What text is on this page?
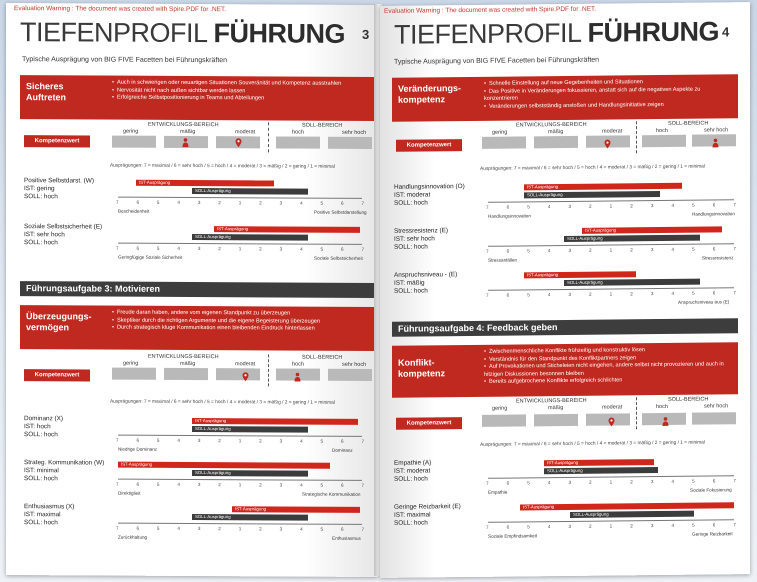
Evaluation Warning : The document was created with Spire.PDF for .NET.
TIEFENPROFIL FÜHRUNG 3
Typische Ausprägung von BIG FIVE Facetten bei Führungskräften
Sicheres Auftreten
• Auch in schwierigen oder neuartigen Situationen Souveränität und Kompetenz ausstrahlen
• Nervosität nicht nach außen sichtbar werden lassen
• Erfolgreiche Selbstpositionierung in Teams und Abteilungen
ENTWICKLUNGS-BEREICH	SOLL-BEREICH
gering	mäßig	moderat	hoch	sehr hoch
Kompetenzwert
Ausprägungen: 7 = maximal / 6 = sehr hoch / 5 = hoch / 4 = moderat / 3 = mäßig / 2 = gering / 1 = minimal
Positive Selbstdarst. (W)
IST: gering
SOLL: hoch
IST-Ausprägung
SOLL-Ausprägung
7	6	5	4	3	2	1	2	3	4	5	6	7
Bescheidenheit	Positive Selbstdarstellung
Soziale Selbstsicherheit (E)
IST: sehr hoch
SOLL: hoch
IST-Ausprägung
SOLL-Ausprägung
7	6	5	4	3	2	1	2	3	4	5	6	7
Geringfügige Soziale Sicherheit	Soziale Selbstsicherheit
Führungsaufgabe 3: Motivieren
Überzeugungs-vermögen
• Freude daran haben, andere vom eigenen Standpunkt zu überzeugen
• Skeptiker durch die richtigen Argumente und die eigene Begeisterung überzeugen
• Durch strategisch kluge Kommunikation einen bleibenden Eindruck hinterlassen
ENTWICKLUNGS-BEREICH	SOLL-BEREICH
gering	mäßig	moderat	hoch	sehr hoch
Kompetenzwert
Ausprägungen: 7 = maximal / 6 = sehr hoch / 5 = hoch / 4 = moderat / 3 = mäßig / 2 = gering / 1 = minimal
Dominanz (X)
IST: hoch
SOLL: hoch
IST-Ausprägung
SOLL-Ausprägung
7	6	5	4	3	2	1	2	3	4	5	6	7
Niedrige Dominanz	Dominanz
Strateg. Kommunikation (W)
IST: minimal
SOLL: hoch
IST-Ausprägung
SOLL-Ausprägung
7	6	5	4	3	2	1	2	3	4	5	6	7
Direktiglieit	Strategische Kommunikation
Enthusiasmus (X)
IST: maximal
SOLL: hoch
IST-Ausprägung
SOLL-Ausprägung
7	6	5	4	3	2	1	2	3	4	5	6	7
Zurückhaltung	Enthusiasmus
Evaluation Warning : The document was created with Spire.PDF for .NET.
TIEFENPROFIL FÜHRUNG 4
Typische Ausprägung von BIG FIVE Facetten bei Führungskräften
Veränderungs-kompetenz
• Schnelle Einstellung auf neue Gegebenheiten und Situationen
• Das Positive in Veränderungen fokussieren, anstatt sich auf die negativen Aspekte zu konzentrieren
• Veränderungen selbstständig anstoßen und Handlungsinitiative zeigen
ENTWICKLUNGS-BEREICH	SOLL-BEREICH
gering	mäßig	moderat	hoch	sehr hoch
Kompetenzwert
Ausprägungen: 7 = maximal / 6 = sehr hoch / 5 = hoch / 4 = moderat / 3 = mäßig / 2 = gering / 1 = minimal
Handlungsinnovation (O)
IST: moderat
SOLL: hoch
IST-Ausprägung
SOLL-Ausprägung
7	6	5	4	3	2	1	2	3	4	5	6	7
Handlungsinnovation	Handlungsinnovation
Stressresistenz (E)
IST: sehr hoch
SOLL: hoch
IST-Ausprägung
SOLL-Ausprägung
7	6	5	4	3	2	1	2	3	4	5	6	7
Stressanfällen	Stressresistenz
Anspruchsniveau - (E)
IST: mäßig
SOLL: hoch
IST-Ausprägung
SOLL-Ausprägung
7	6	5	4	3	2	1	2	3	4	5	6	7
Anspruchsniveau aus (E)
Führungsaufgabe 4: Feedback geben
Konflikt-kompetenz
• Zwischenmenschliche Konflikte frühzeitig und konstruktiv lösen
• Verständnis für den Standpunkt des Konfliktpartners zeigen
• Auf Provokationen und Sticheleien nicht eingehen, andere selbst nicht provozieren und auch in hitzigen Diskussionen besonnen bleiben
• Bereits aufgebrochene Konflikte erfolgreich schlichten
ENTWICKLUNGS-BEREICH	SOLL-BEREICH
gering	mäßig	moderat	hoch	sehr hoch
Kompetenzwert
Ausprägungen: 7 = maximal / 6 = sehr hoch / 5 = hoch / 4 = moderat / 3 = mäßig / 2 = gering / 1 = minimal
Empathie (A)
IST: moderat
SOLL: hoch
IST-Ausprägung
SOLL-Ausprägung
7	6	5	4	3	2	1	2	3	4	5	6	7
Empathie	Soziale Fokusierung
Geringe Reizbarkeit (E)
IST: maximal
SOLL: hoch
IST-Ausprägung
SOLL-Ausprägung
7	6	5	4	3	2	1	2	3	4	5	6	7
Soziale Empfindsamkeit	Geringe Reizbarkeit
